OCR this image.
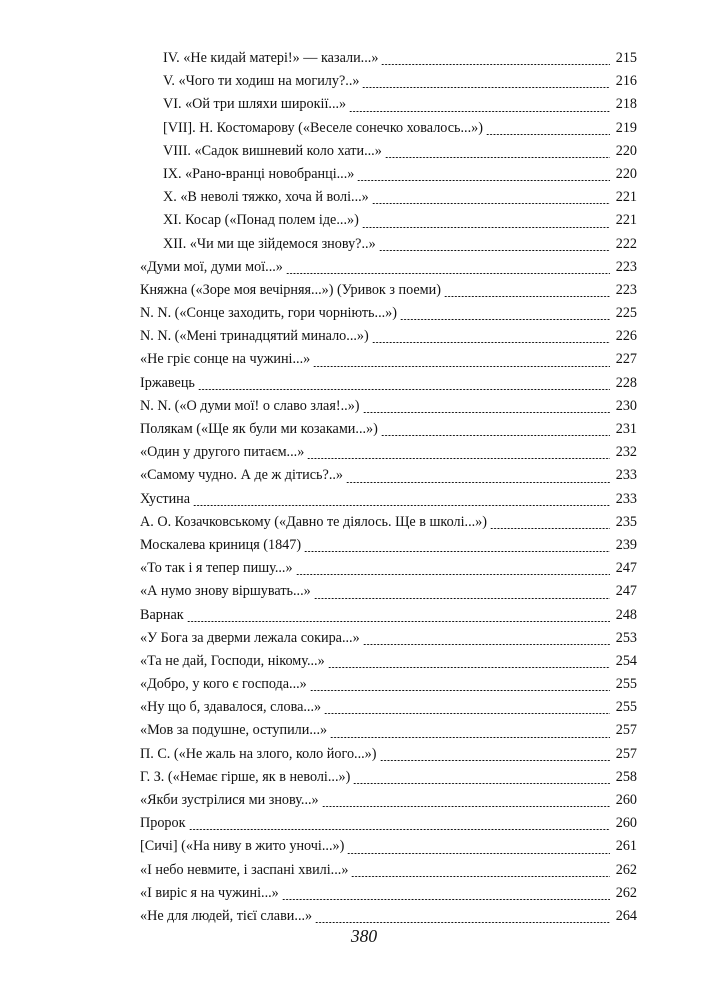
IV. «Не кидай матері!» — казали...»	215
V. «Чого ти ходиш на могилу?..»	216
VI. «Ой три шляхи широкії...»	218
[VII]. Н. Костомарову («Веселе сонечко ховалось...»)	219
VIII. «Садок вишневий коло хати...»	220
IX. «Рано-вранці новобранці...»	220
X. «В неволі тяжко, хоча й волі...»	221
XI. Косар («Понад полем іде...»)	221
XII. «Чи ми ще зійдемося знову?..»	222
«Думи мої, думи мої...»	223
Княжна («Зоре моя вечірняя...») (Уривок з поеми)	223
N. N. («Сонце заходить, гори чорніють...»)	225
N. N. («Мені тринадцятий минало...»)	226
«Не гріє сонце на чужині...»	227
Іржавець	228
N. N. («О думи мої! о славо злая!..»)	230
Полякам («Ще як були ми козаками...»)	231
«Один у другого питаєм...»	232
«Самому чудно. А де ж дітись?..»	233
Хустина	233
А. О. Козачковському («Давно те діялось. Ще в школі...»)	235
Москалева криниця (1847)	239
«То так і я тепер пишу...»	247
«А нумо знову віршувать...»	247
Варнак	248
«У Бога за дверми лежала сокира...»	253
«Та не дай, Господи, нікому...»	254
«Добро, у кого є господа...»	255
«Ну що б, здавалося, слова...»	255
«Мов за подушне, оступили...»	257
П. С. («Не жаль на злого, коло його...»)	257
Г. З. («Немає гірше, як в неволі...»)	258
«Якби зустрілися ми знову...»	260
Пророк	260
[Сичі] («На ниву в жито уночі...»)	261
«І небо невмите, і заспані хвилі...»	262
«І виріс я на чужині...»	262
«Не для людей, тієї слави...»	264
380
